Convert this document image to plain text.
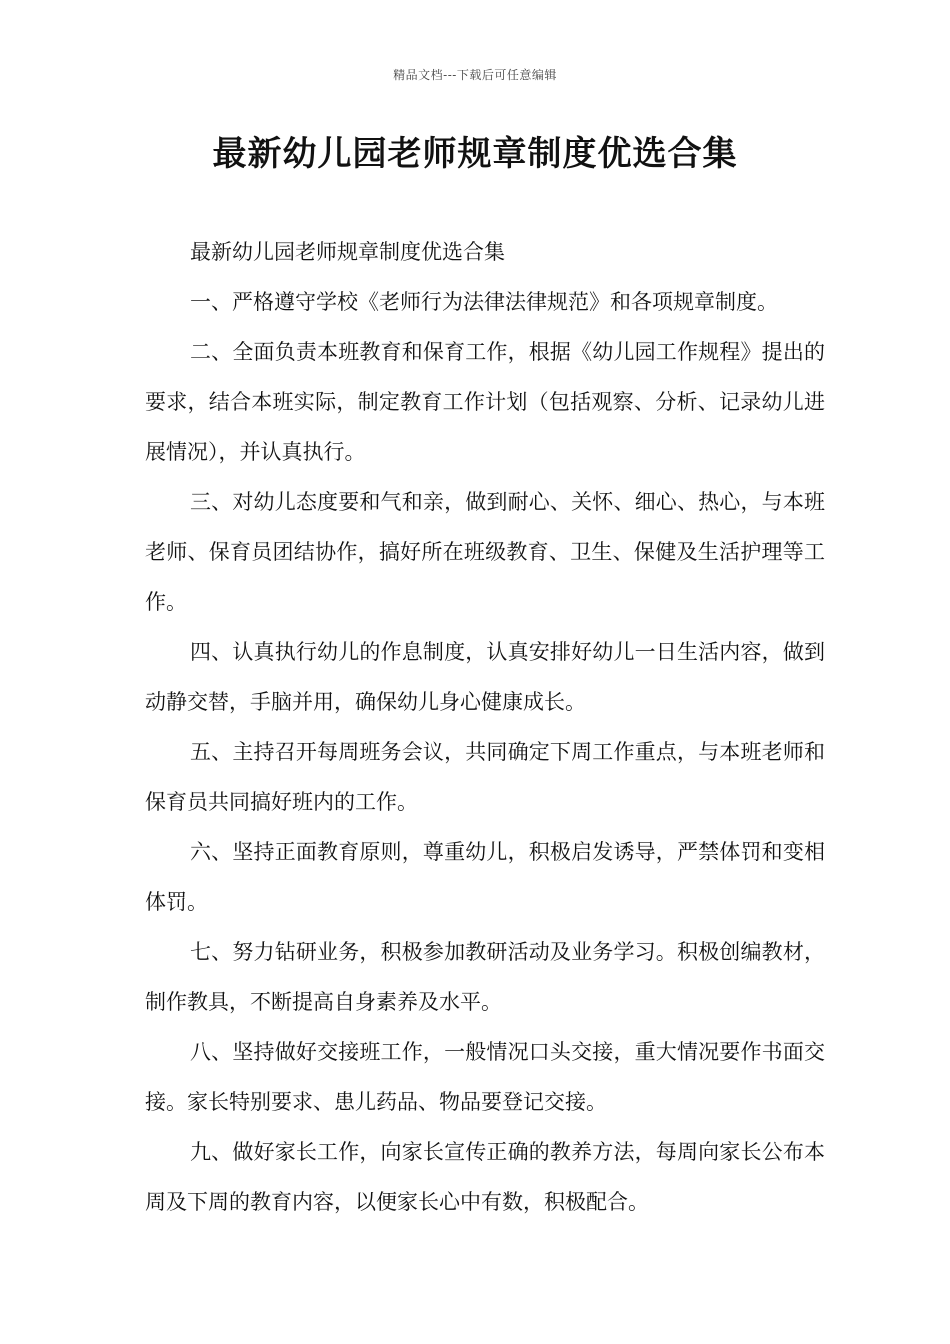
精品文档---下载后可任意编辑
最新幼儿园老师规章制度优选合集

最新幼儿园老师规章制度优选合集

一、严格遵守学校《老师行为法律法律规范》和各项规章制度。

二、全面负责本班教育和保育工作，根据《幼儿园工作规程》提出的要求，结合本班实际，制定教育工作计划（包括观察、分析、记录幼儿进展情况），并认真执行。

三、对幼儿态度要和气和亲，做到耐心、关怀、细心、热心，与本班老师、保育员团结协作，搞好所在班级教育、卫生、保健及生活护理等工作。

四、认真执行幼儿的作息制度，认真安排好幼儿一日生活内容，做到动静交替，手脑并用，确保幼儿身心健康成长。

五、主持召开每周班务会议，共同确定下周工作重点，与本班老师和保育员共同搞好班内的工作。

六、坚持正面教育原则，尊重幼儿，积极启发诱导，严禁体罚和变相体罚。

七、努力钻研业务，积极参加教研活动及业务学习。积极创编教材，制作教具，不断提高自身素养及水平。

八、坚持做好交接班工作，一般情况口头交接，重大情况要作书面交接。家长特别要求、患儿药品、物品要登记交接。

九、做好家长工作，向家长宣传正确的教养方法，每周向家长公布本周及下周的教育内容，以便家长心中有数，积极配合。
